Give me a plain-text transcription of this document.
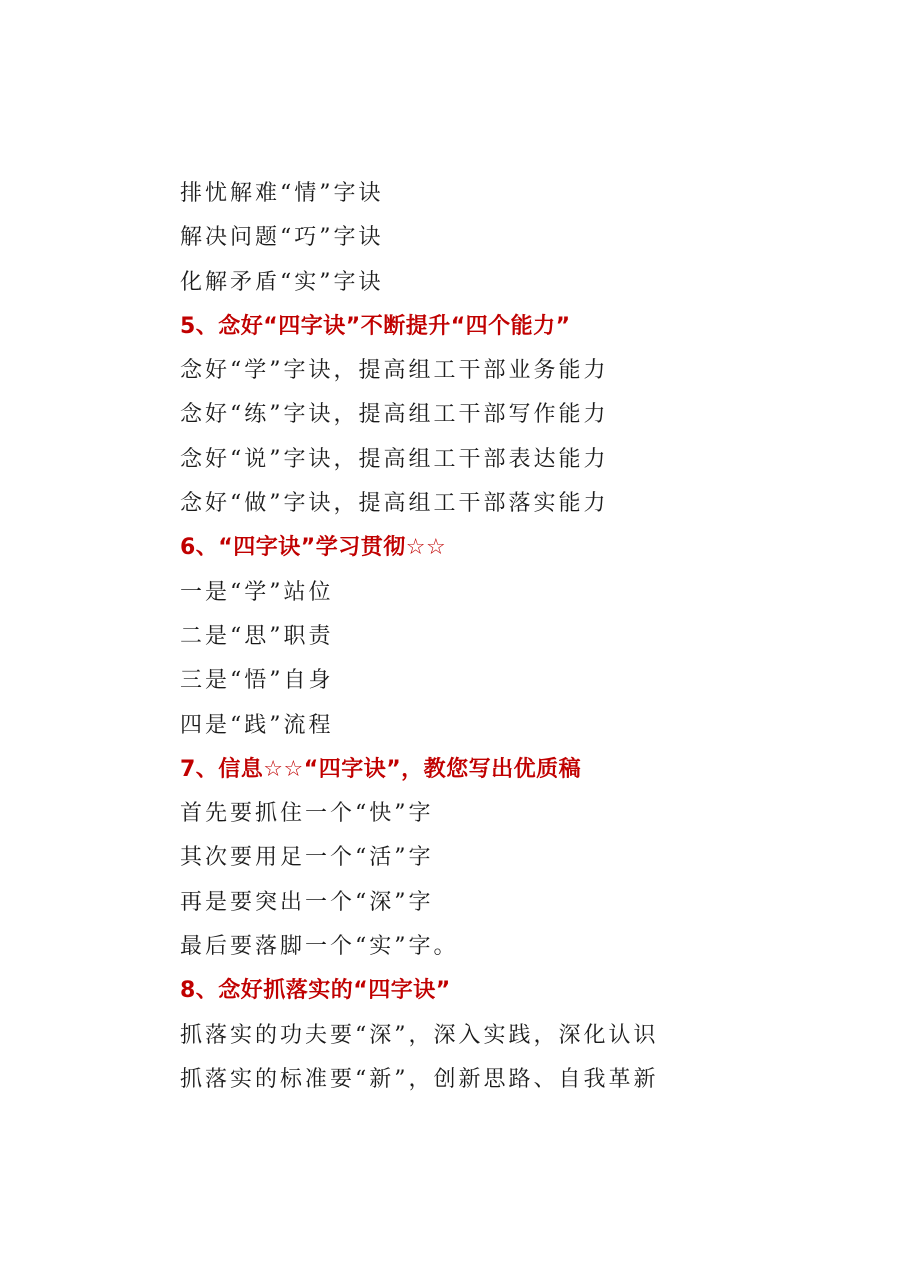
排忧解难“情”字诀
解决问题“巧”字诀
化解矛盾“实”字诀
5、念好“四字诀”不断提升“四个能力”
念好“学”字诀，提高组工干部业务能力
念好“练”字诀，提高组工干部写作能力
念好“说”字诀，提高组工干部表达能力
念好“做”字诀，提高组工干部落实能力
6、“四字诀”学习贯彻☆☆
一是“学”站位
二是“思”职责
三是“悟”自身
四是“践”流程
7、信息☆☆“四字诀”，教您写出优质稿
首先要抓住一个“快”字
其次要用足一个“活”字
再是要突出一个“深”字
最后要落脚一个“实”字。
8、念好抓落实的“四字诀”
抓落实的功夫要“深”，深入实践，深化认识
抓落实的标准要“新”，创新思路、自我革新
